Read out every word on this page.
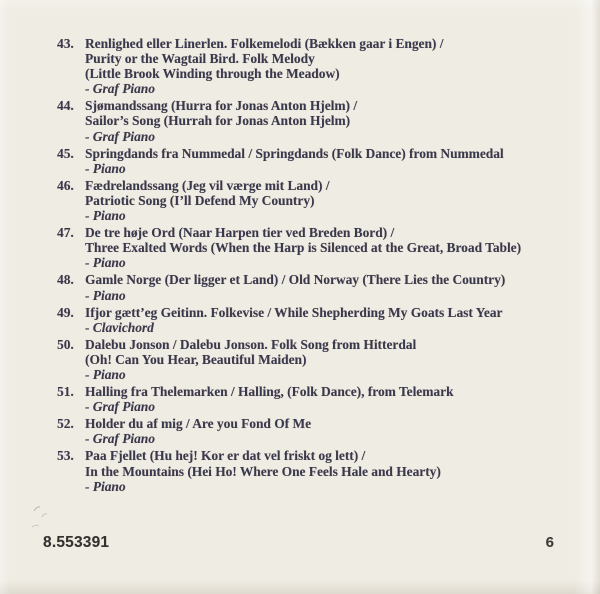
43. Renlighed eller Linerlen. Folkemelodi (Bækken gaar i Engen) /
Purity or the Wagtail Bird. Folk Melody
(Little Brook Winding through the Meadow)
- Graf Piano
44. Sjømandssang (Hurra for Jonas Anton Hjelm) /
Sailor’s Song (Hurrah for Jonas Anton Hjelm)
- Graf Piano
45. Springdands fra Nummedal / Springdands (Folk Dance) from Nummedal
- Piano
46. Fædrelandssang (Jeg vil værge mit Land) /
Patriotic Song (I’ll Defend My Country)
- Piano
47. De tre høje Ord (Naar Harpen tier ved Breden Bord) /
Three Exalted Words (When the Harp is Silenced at the Great, Broad Table)
- Piano
48. Gamle Norge (Der ligger et Land) / Old Norway (There Lies the Country)
- Piano
49. Ifjor gætt’eg Geitinn. Folkevise / While Shepherding My Goats Last Year
- Clavichord
50. Dalebu Jonson / Dalebu Jonson. Folk Song from Hitterdal
(Oh! Can You Hear, Beautiful Maiden)
- Piano
51. Halling fra Thelemarken / Halling, (Folk Dance), from Telemark
- Graf Piano
52. Holder du af mig / Are you Fond Of Me
- Graf Piano
53. Paa Fjellet (Hu hej! Kor er dat vel friskt og lett) /
In the Mountains (Hei Ho! Where One Feels Hale and Hearty)
- Piano
8.553391	6
